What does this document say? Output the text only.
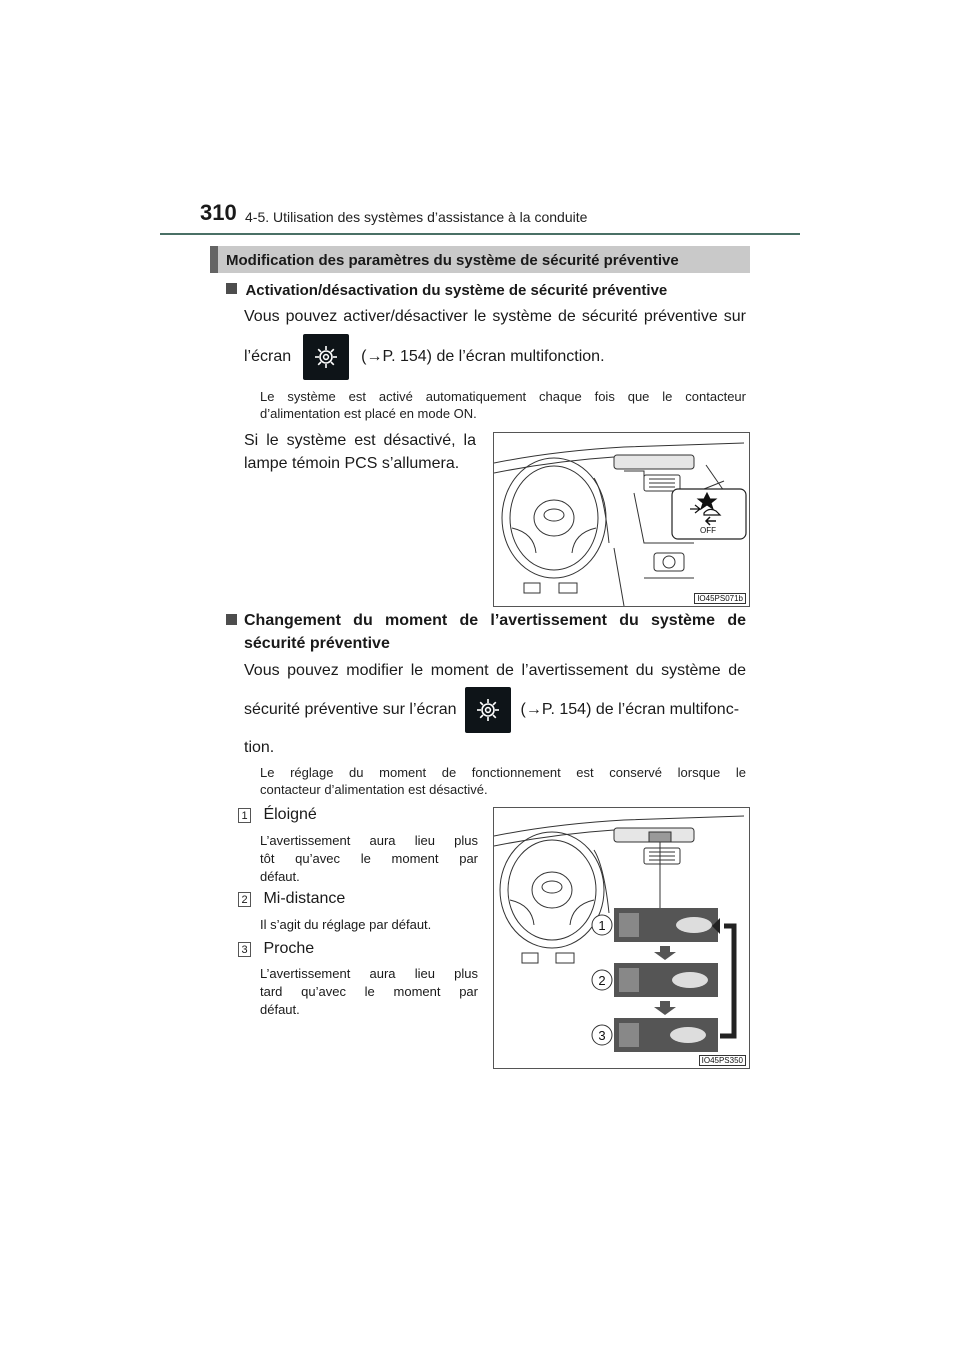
310 4-5. Utilisation des systèmes d’assistance à la conduite
Modification des paramètres du système de sécurité préventive
Activation/désactivation du système de sécurité préventive
Vous pouvez activer/désactiver le système de sécurité préventive sur
l’écran	(→P. 154) de l’écran multifonction.
Le système est activé automatiquement chaque fois que le contacteur
d’alimentation est placé en mode ON.
Si le système est désactivé, la
lampe témoin PCS s’allumera.
OFF
IO45PS071b
Changement du moment de l’avertissement du système de
sécurité préventive
Vous pouvez modifier le moment de l’avertissement du système de
sécurité préventive sur l’écran	(→P. 154) de l’écran multifonc-
tion.
Le réglage du moment de fonctionnement est conservé lorsque le
contacteur d’alimentation est désactivé.
1 Éloigné
L’avertissement aura lieu plus
tôt qu’avec le moment par
défaut.
2 Mi-distance
Il s’agit du réglage par défaut.
3 Proche
L’avertissement aura lieu plus
tard qu’avec le moment par
défaut.
1
2
3
IO45PS350
